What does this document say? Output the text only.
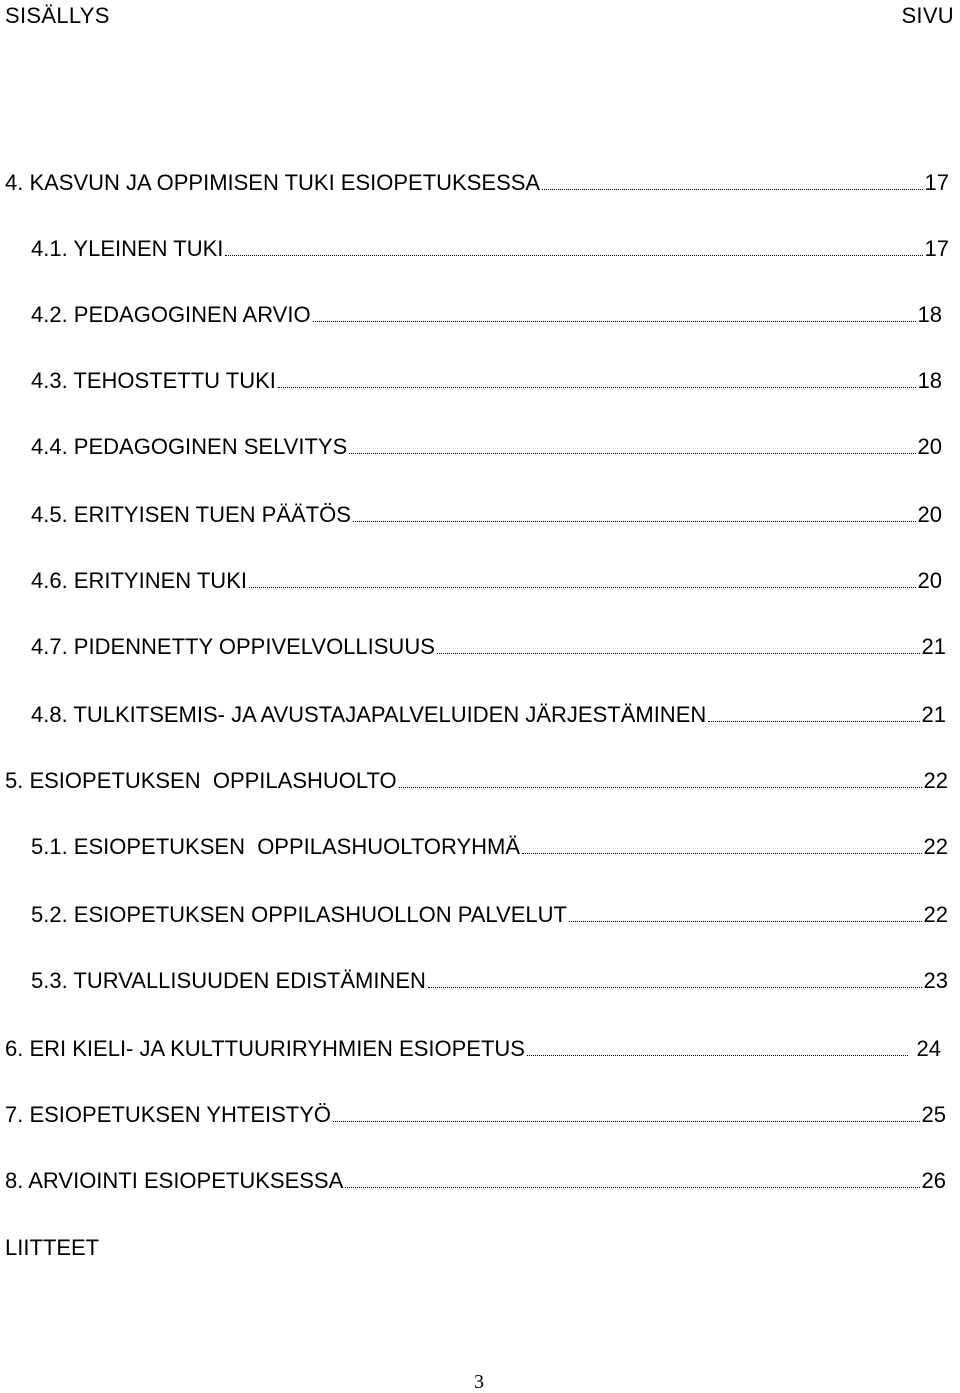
SISÄLLYS	SIVU
4. KASVUN JA OPPIMISEN TUKI ESIOPETUKSESSA	17
4.1. YLEINEN TUKI	17
4.2. PEDAGOGINEN ARVIO	18
4.3. TEHOSTETTU TUKI	18
4.4. PEDAGOGINEN SELVITYS	20
4.5. ERITYISEN TUEN PÄÄTÖS	20
4.6. ERITYINEN TUKI	20
4.7. PIDENNETTY OPPIVELVOLLISUUS	21
4.8. TULKITSEMIS- JA AVUSTAJAPALVELUIDEN JÄRJESTÄMINEN	21
5. ESIOPETUKSEN  OPPILASHUOLTO	22
5.1. ESIOPETUKSEN  OPPILASHUOLTORYHMÄ	22
5.2. ESIOPETUKSEN OPPILASHUOLLON PALVELUT	22
5.3. TURVALLISUUDEN EDISTÄMINEN	23
6. ERI KIELI- JA KULTTUURIRYHMIEN ESIOPETUS	24
7. ESIOPETUKSEN YHTEISTYÖ	25
8. ARVIOINTI ESIOPETUKSESSA	26
LIITTEET
3
